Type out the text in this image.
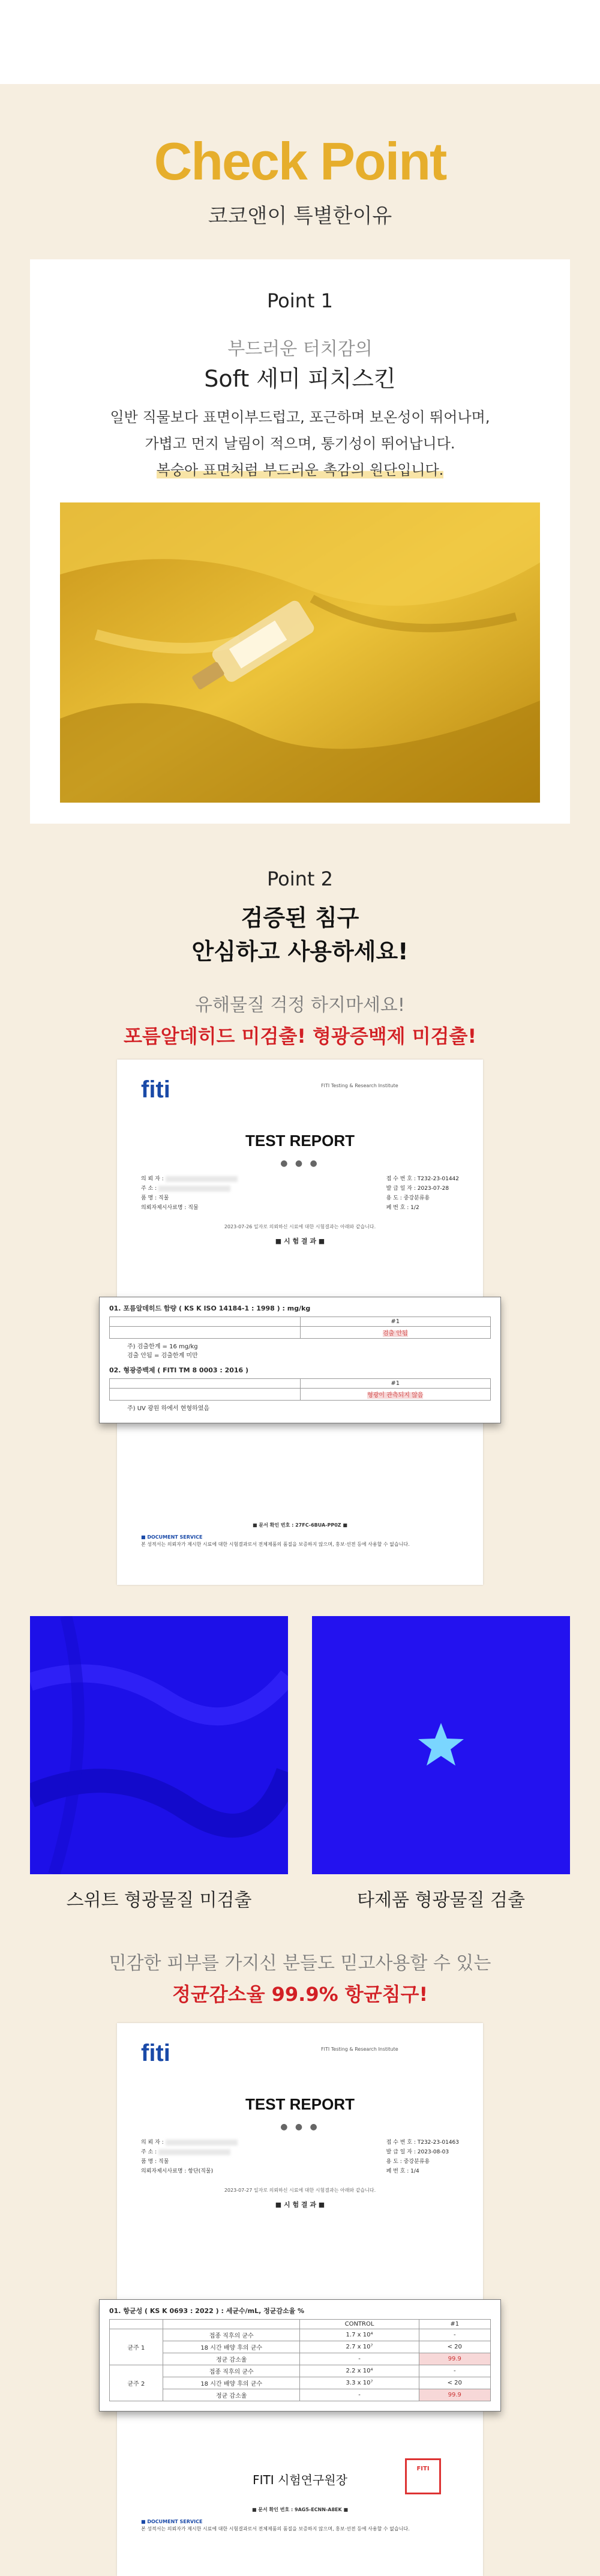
Check Point
코코앤이 특별한이유
Point 1
부드러운 터치감의
Soft 세미 피치스킨
일반 직물보다 표면이부드럽고, 포근하며 보온성이 뛰어나며,
가볍고 먼지 날림이 적으며, 통기성이 뛰어납니다.
복숭아 표면처럼 부드러운 촉감의 원단입니다.
Point 2
검증된 침구
안심하고 사용하세요!
유해물질 걱정 하지마세요!
포름알데히드 미검출! 형광증백제 미검출!
fiti	FITI Testing & Research Institute
TEST REPORT
● ● ●
의 뢰 자 :
주 소 :
품 명 : 직물
의뢰자제시사료명 : 직물
접 수 번 호 : T232-23-01442
발 급 일 자 : 2023-07-28
용 도 : 중강분류용
페 번 호 : 1/2
2023-07-26 일자로 의뢰하신 시료에 대한 시험결과는 아래와 같습니다.
■ 시 험 결 과 ■
01. 포름알데히드 함량 ( KS K ISO 14184-1 : 1998 ) : mg/kg
	#1
	검출 안됨
주) 검출한계 = 16 mg/kg
검출 안됨 = 검출한계 미만
02. 형광증백제 ( FITI TM 8 0003 : 2016 )
	#1
	형광이 관측되지 않음
주) UV 광원 하에서 현형하였음
■ 문서 확인 번호 : 27FC-6BUA-PP0Z ■
■ DOCUMENT SERVICE
본 성적서는 의뢰자가 제시한 시료에 대한 시험결과로서 전체제품의 품질을 보증하지 않으며, 홍보·선전 등에 사용할 수 없습니다.
스위트 형광물질 미검출	타제품 형광물질 검출
민감한 피부를 가지신 분들도 믿고사용할 수 있는
정균감소율 99.9% 항균침구!
fiti	FITI Testing & Research Institute
TEST REPORT
● ● ●
의 뢰 자 :
주 소 :
품 명 : 직물
의뢰자제시사료명 : 항단(직물)
접 수 번 호 : T232-23-01463
발 급 일 자 : 2023-08-03
용 도 : 중강분류용
페 번 호 : 1/4
2023-07-27 일자로 의뢰하신 시료에 대한 시험결과는 아래와 같습니다.
■ 시 험 결 과 ■
01. 항균성 ( KS K 0693 : 2022 ) : 세균수/mL, 정균감소율 %
		CONTROL	#1
균주 1	접종 직후의 균수	1.7 x 10⁴	-
	18 시간 배양 후의 균수	2.7 x 10⁷	< 20
	정균 감소율	-	99.9
균주 2	접종 직후의 균수	2.2 x 10⁴	-
	18 시간 배양 후의 균수	3.3 x 10⁷	< 20
	정균 감소율	-	99.9
FITI 시험연구원장
FITI
■ 문서 확인 번호 : 9AG5-ECNN-A8EK ■
■ DOCUMENT SERVICE
본 성적서는 의뢰자가 제시한 시료에 대한 시험결과로서 전체제품의 품질을 보증하지 않으며, 홍보·선전 등에 사용할 수 없습니다.
